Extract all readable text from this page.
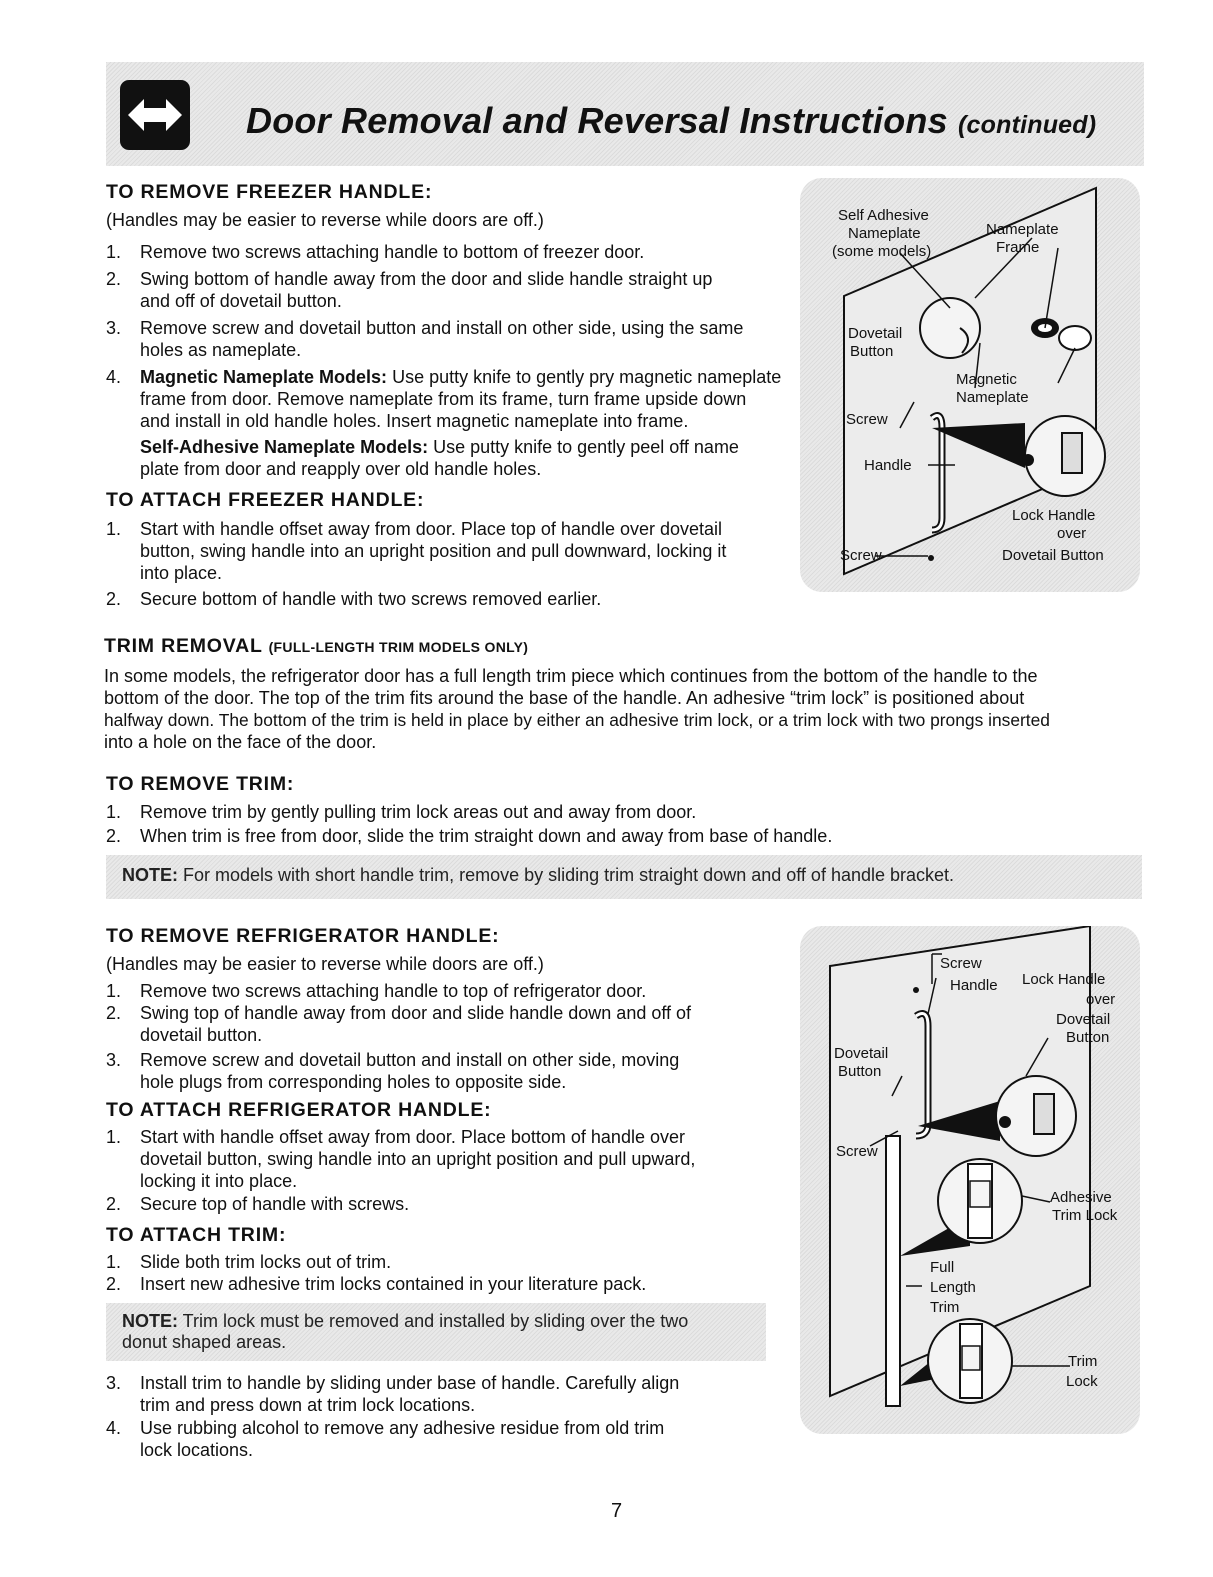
Door Removal and Reversal Instructions (continued)
TO REMOVE FREEZER HANDLE:
(Handles may be easier to reverse while doors are off.)
1. Remove two screws attaching handle to bottom of freezer door.
2. Swing bottom of handle away from the door and slide handle straight up
and off of dovetail button.
3. Remove screw and dovetail button and install on other side, using the same
holes as nameplate.
4. Magnetic Nameplate Models: Use putty knife to gently pry magnetic nameplate
frame from door. Remove nameplate from its frame, turn frame upside down
and install in old handle holes. Insert magnetic nameplate into frame.
Self-Adhesive Nameplate Models: Use putty knife to gently peel off name
plate from door and reapply over old handle holes.
TO ATTACH FREEZER HANDLE:
1. Start with handle offset away from door. Place top of handle over dovetail
button, swing handle into an upright position and pull downward, locking it
into place.
2. Secure bottom of handle with two screws removed earlier.
Self Adhesive
Nameplate
(some models)
Nameplate
Frame
Dovetail
Button
Magnetic
Nameplate
Screw
Handle
Lock Handle
over
Dovetail Button
Screw
TRIM REMOVAL (FULL-LENGTH TRIM MODELS ONLY)
In some models, the refrigerator door has a full length trim piece which continues from the bottom of the handle to the
bottom of the door. The top of the trim fits around the base of the handle. An adhesive “trim lock” is positioned about
halfway down. The bottom of the trim is held in place by either an adhesive trim lock, or a trim lock with two prongs inserted
into a hole on the face of the door.
TO REMOVE TRIM:
1. Remove trim by gently pulling trim lock areas out and away from door.
2. When trim is free from door, slide the trim straight down and away from base of handle.
NOTE: For models with short handle trim, remove by sliding trim straight down and off of handle bracket.
TO REMOVE REFRIGERATOR HANDLE:
(Handles may be easier to reverse while doors are off.)
1. Remove two screws attaching handle to top of refrigerator door.
2. Swing top of handle away from door and slide handle down and off of
dovetail button.
3. Remove screw and dovetail button and install on other side, moving
hole plugs from corresponding holes to opposite side.
TO ATTACH REFRIGERATOR HANDLE:
1. Start with handle offset away from door. Place bottom of handle over
dovetail button, swing handle into an upright position and pull upward,
locking it into place.
2. Secure top of handle with screws.
TO ATTACH TRIM:
1. Slide both trim locks out of trim.
2. Insert new adhesive trim locks contained in your literature pack.
NOTE: Trim lock must be removed and installed by sliding over the two
donut shaped areas.
3. Install trim to handle by sliding under base of handle. Carefully align
trim and press down at trim lock locations.
4. Use rubbing alcohol to remove any adhesive residue from old trim
lock locations.
Screw
Handle Lock Handle
over
Dovetail
Button
Dovetail
Button
Screw
Adhesive
Trim Lock
Full
Length
Trim
Trim
Lock
7
